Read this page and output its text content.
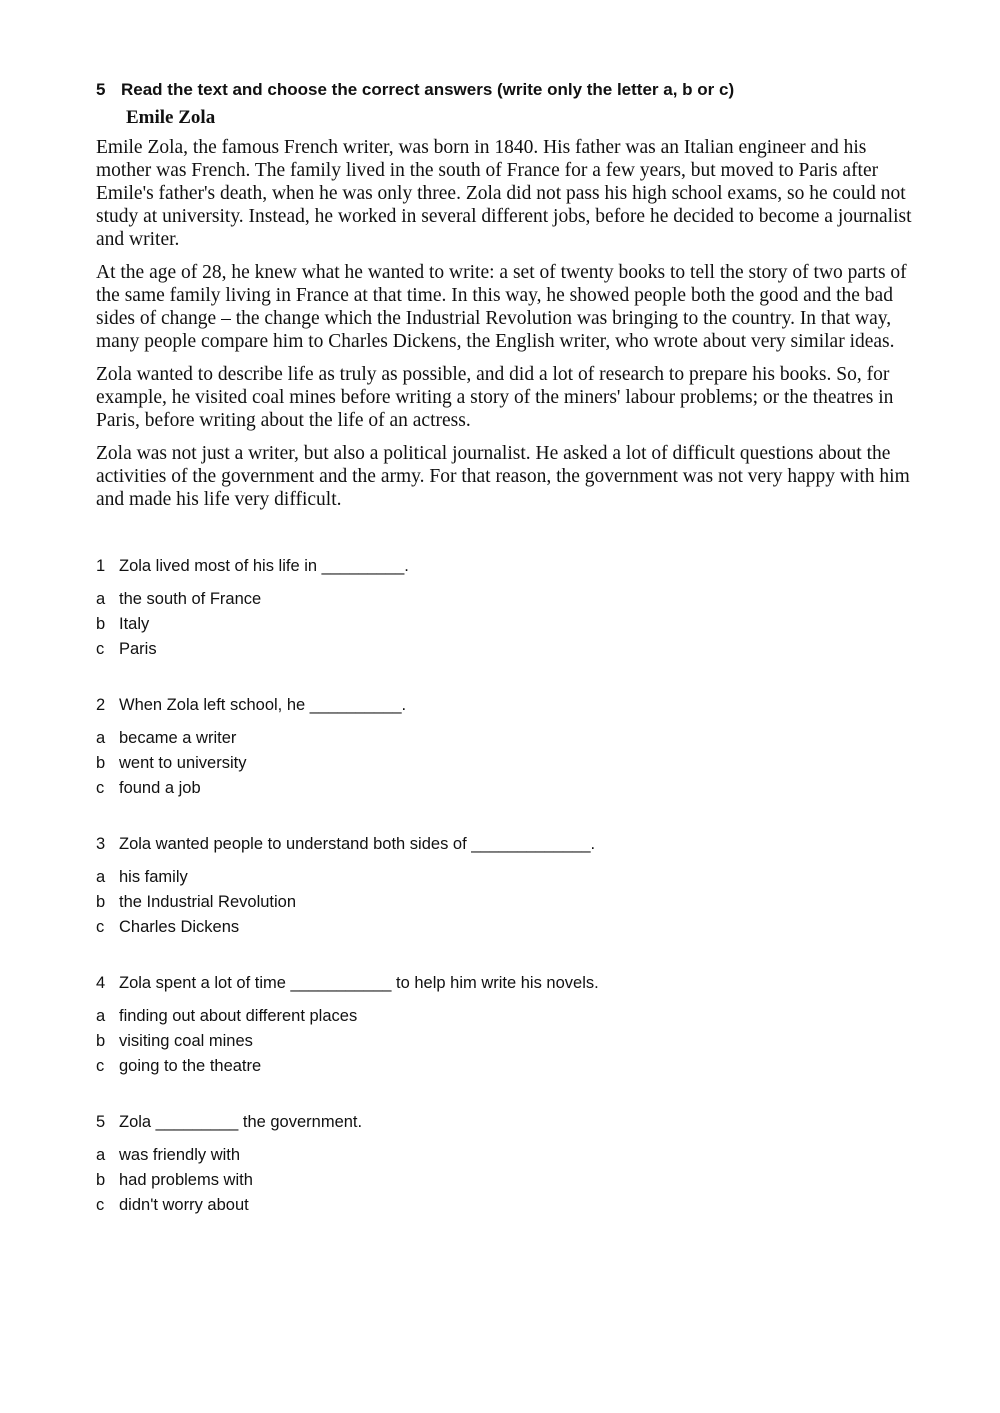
5 Read the text and choose the correct answers (write only the letter a, b or c)
Emile Zola

Emile Zola, the famous French writer, was born in 1840. His father was an Italian engineer and his mother was French. The family lived in the south of France for a few years, but moved to Paris after Emile's father's death, when he was only three. Zola did not pass his high school exams, so he could not study at university. Instead, he worked in several different jobs, before he decided to become a journalist and writer.

At the age of 28, he knew what he wanted to write: a set of twenty books to tell the story of two parts of the same family living in France at that time. In this way, he showed people both the good and the bad sides of change – the change which the Industrial Revolution was bringing to the country. In that way, many people compare him to Charles Dickens, the English writer, who wrote about very similar ideas.

Zola wanted to describe life as truly as possible, and did a lot of research to prepare his books. So, for example, he visited coal mines before writing a story of the miners' labour problems; or the theatres in Paris, before writing about the life of an actress.

Zola was not just a writer, but also a political journalist. He asked a lot of difficult questions about the activities of the government and the army. For that reason, the government was not very happy with him and made his life very difficult.

1 Zola lived most of his life in _________.
a the south of France
b Italy
c Paris
2 When Zola left school, he __________.
a became a writer
b went to university
c found a job
3 Zola wanted people to understand both sides of _____________.
a his family
b the Industrial Revolution
c Charles Dickens
4 Zola spent a lot of time ___________ to help him write his novels.
a finding out about different places
b visiting coal mines
c going to the theatre
5 Zola _________ the government.
a was friendly with
b had problems with
c didn't worry about
